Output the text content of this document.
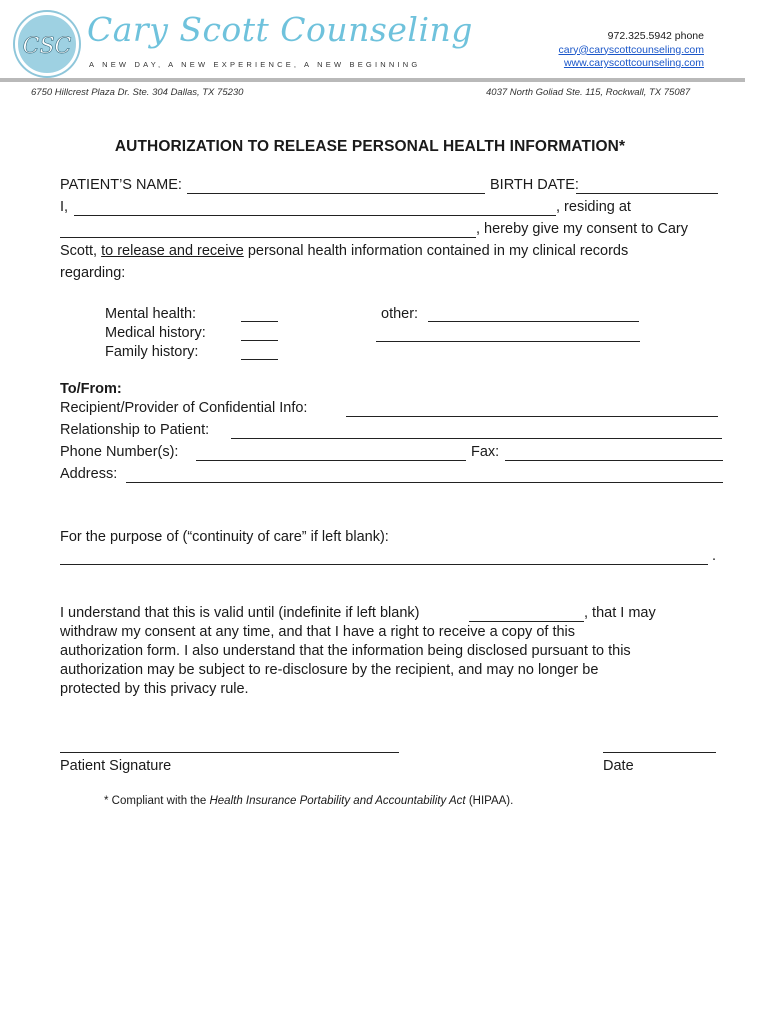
CSC Cary Scott Counseling
A NEW DAY, A NEW EXPERIENCE, A NEW BEGINNING
972.325.5942 phone
cary@caryscottcounseling.com
www.caryscottcounseling.com
6750 Hillcrest Plaza Dr. Ste. 304 Dallas, TX 75230	4037 North Goliad Ste. 115, Rockwall, TX 75087
AUTHORIZATION TO RELEASE PERSONAL HEALTH INFORMATION*
PATIENT’S NAME:	BIRTH DATE:
I,	, residing at
, hereby give my consent to Cary
Scott, to release and receive personal health information contained in my clinical records
regarding:
Mental health:
Medical history:
Family history:
other:
To/From:
Recipient/Provider of Confidential Info:
Relationship to Patient:
Phone Number(s):	Fax:
Address:
For the purpose of (“continuity of care” if left blank):
.
I understand that this is valid until (indefinite if left blank)	, that I may
withdraw my consent at any time, and that I have a right to receive a copy of this
authorization form. I also understand that the information being disclosed pursuant to this
authorization may be subject to re-disclosure by the recipient, and may no longer be
protected by this privacy rule.
Patient Signature	Date
* Compliant with the Health Insurance Portability and Accountability Act (HIPAA).
